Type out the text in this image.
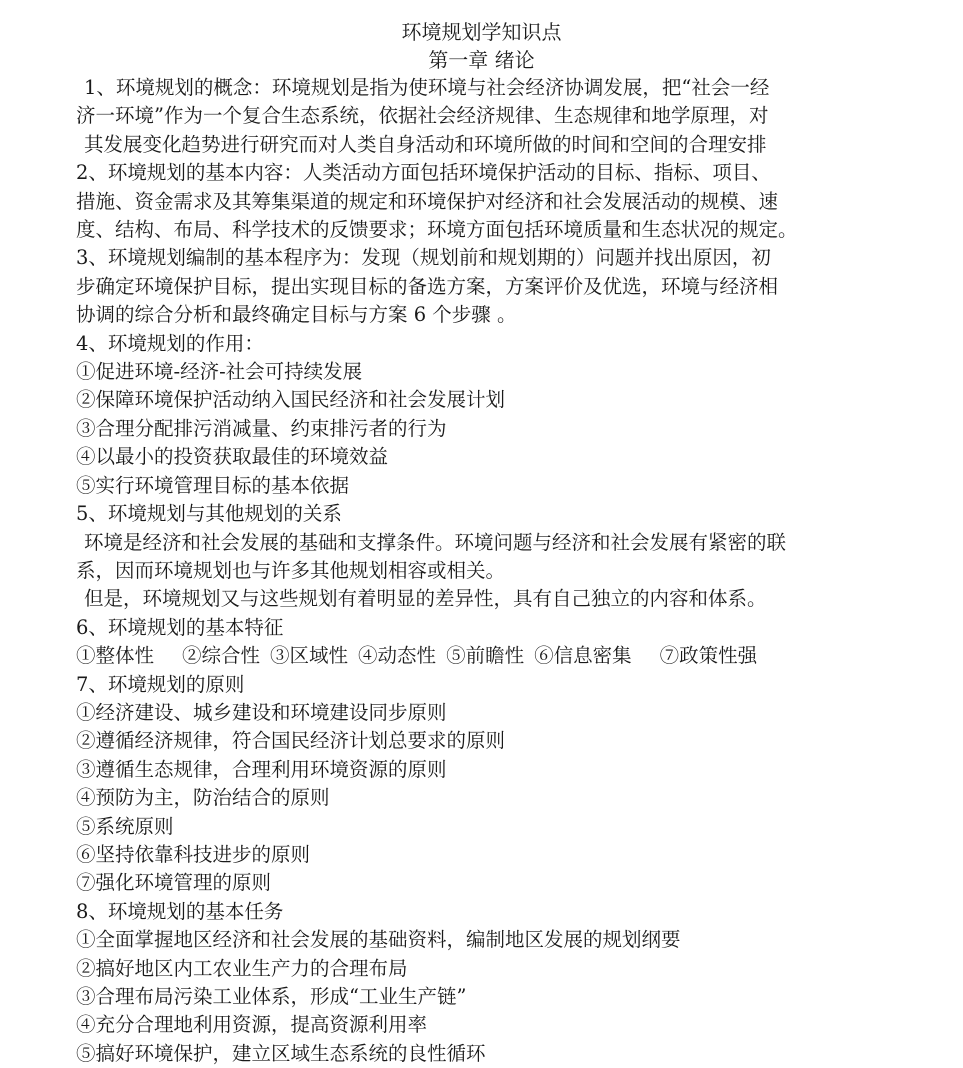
环境规划学知识点

第一章 绪论

1、环境规划的概念：环境规划是指为使环境与社会经济协调发展，把“社会一经

济一环境”作为一个复合生态系统，依据社会经济规律、生态规律和地学原理，对

其发展变化趋势进行研究而对人类自身活动和环境所做的时间和空间的合理安排

2、环境规划的基本内容：人类活动方面包括环境保护活动的目标、指标、项目、

措施、资金需求及其筹集渠道的规定和环境保护对经济和社会发展活动的规模、速

度、结构、布局、科学技术的反馈要求；环境方面包括环境质量和生态状况的规定。

3、环境规划编制的基本程序为：发现（规划前和规划期的）问题并找出原因，初

步确定环境保护目标，提出实现目标的备选方案，方案评价及优选，环境与经济相

协调的综合分析和最终确定目标与方案 6 个步骤 。

4、环境规划的作用：

①促进环境-经济-社会可持续发展

②保障环境保护活动纳入国民经济和社会发展计划

③合理分配排污消减量、约束排污者的行为

④以最小的投资获取最佳的环境效益

⑤实行环境管理目标的基本依据

5、环境规划与其他规划的关系

环境是经济和社会发展的基础和支撑条件。环境问题与经济和社会发展有紧密的联

系，因而环境规划也与许多其他规划相容或相关。

但是，环境规划又与这些规划有着明显的差异性，具有自己独立的内容和体系。

6、环境规划的基本特征

①整体性 ②综合性 ③区域性 ④动态性 ⑤前瞻性 ⑥信息密集 ⑦政策性强

7、环境规划的原则

①经济建设、城乡建设和环境建设同步原则

②遵循经济规律，符合国民经济计划总要求的原则

③遵循生态规律，合理利用环境资源的原则

④预防为主，防治结合的原则

⑤系统原则

⑥坚持依靠科技进步的原则

⑦强化环境管理的原则

8、环境规划的基本任务

①全面掌握地区经济和社会发展的基础资料，编制地区发展的规划纲要

②搞好地区内工农业生产力的合理布局

③合理布局污染工业体系，形成“工业生产链”

④充分合理地利用资源，提高资源利用率

⑤搞好环境保护，建立区域生态系统的良性循环
